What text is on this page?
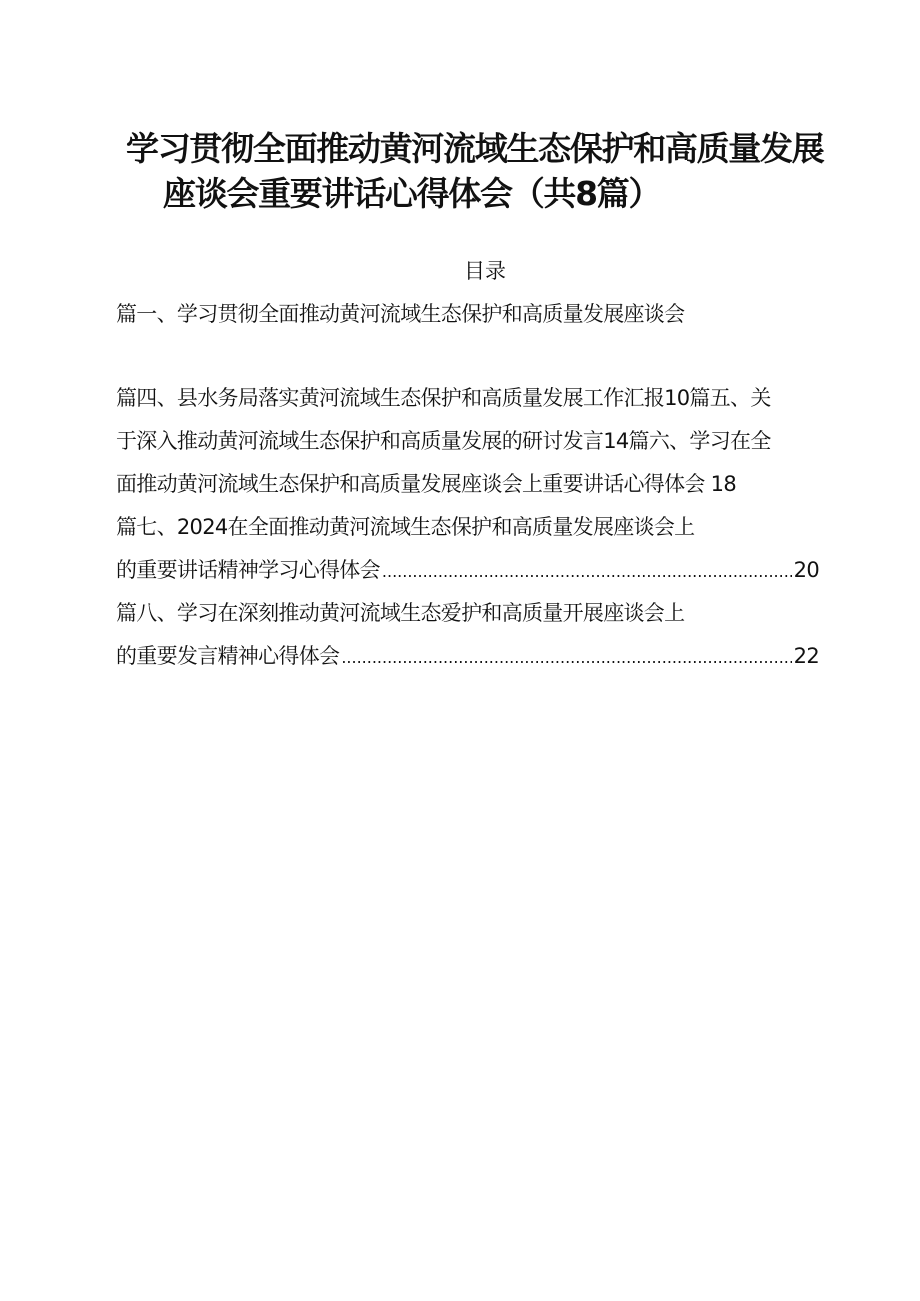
学习贯彻全面推动黄河流域生态保护和高质量发展
座谈会重要讲话心得体会（共8篇）
目录
篇一、学习贯彻全面推动黄河流域生态保护和高质量发展座谈会
篇四、县水务局落实黄河流域生态保护和高质量发展工作汇报10篇五、关
于深入推动黄河流域生态保护和高质量发展的研讨发言14篇六、学习在全
面推动黄河流域生态保护和高质量发展座谈会上重要讲话心得体会 18
篇七、2024在全面推动黄河流域生态保护和高质量发展座谈会上
的重要讲话精神学习心得体会 .....	20
篇八、学习在深刻推动黄河流域生态爱护和高质量开展座谈会上
的重要发言精神心得体会 .....	22
